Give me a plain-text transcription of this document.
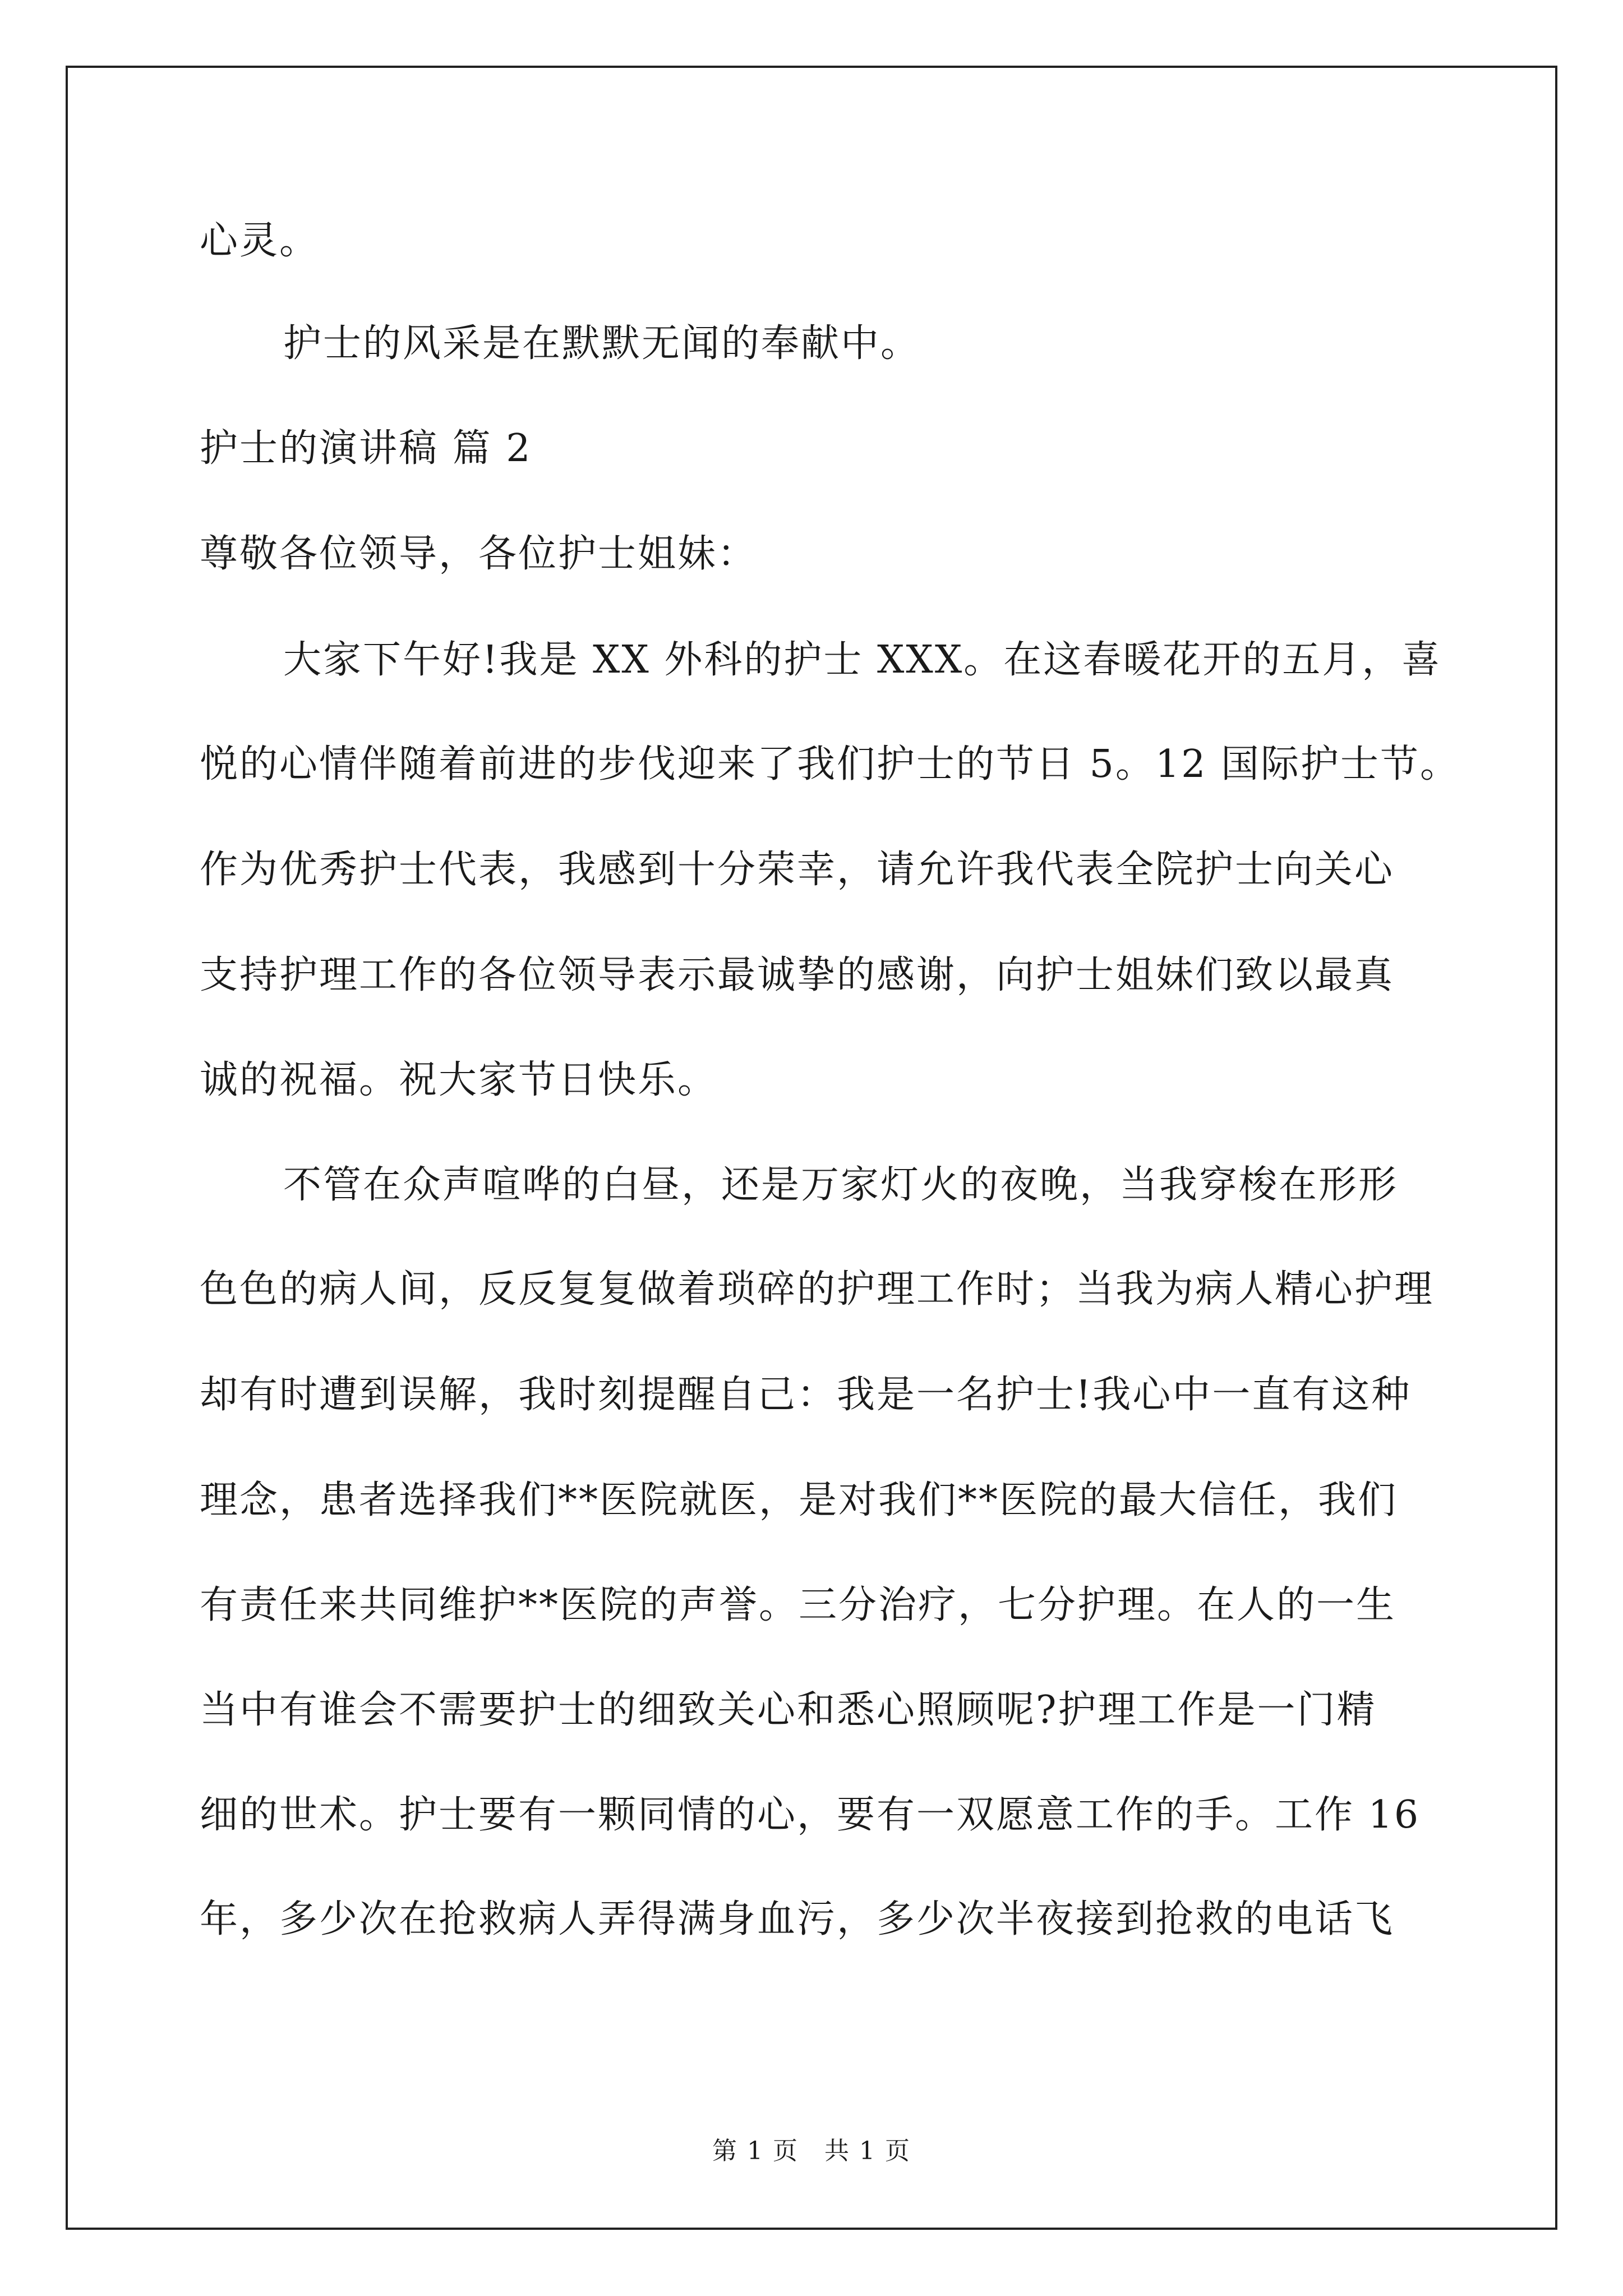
心灵。

护士的风采是在默默无闻的奉献中。

护士的演讲稿 篇 2

尊敬各位领导，各位护士姐妹：

大家下午好!我是 XX 外科的护士 XXX。在这春暖花开的五月，喜

悦的心情伴随着前进的步伐迎来了我们护士的节日 5。12 国际护士节。

作为优秀护士代表，我感到十分荣幸，请允许我代表全院护士向关心

支持护理工作的各位领导表示最诚挚的感谢，向护士姐妹们致以最真

诚的祝福。祝大家节日快乐。

不管在众声喧哗的白昼，还是万家灯火的夜晚，当我穿梭在形形

色色的病人间，反反复复做着琐碎的护理工作时；当我为病人精心护理

却有时遭到误解，我时刻提醒自己：我是一名护士!我心中一直有这种

理念，患者选择我们**医院就医，是对我们**医院的最大信任，我们

有责任来共同维护**医院的声誉。三分治疗，七分护理。在人的一生

当中有谁会不需要护士的细致关心和悉心照顾呢?护理工作是一门精

细的世术。护士要有一颗同情的心，要有一双愿意工作的手。工作 16

年，多少次在抢救病人弄得满身血污，多少次半夜接到抢救的电话飞

第 1 页　共 1 页
